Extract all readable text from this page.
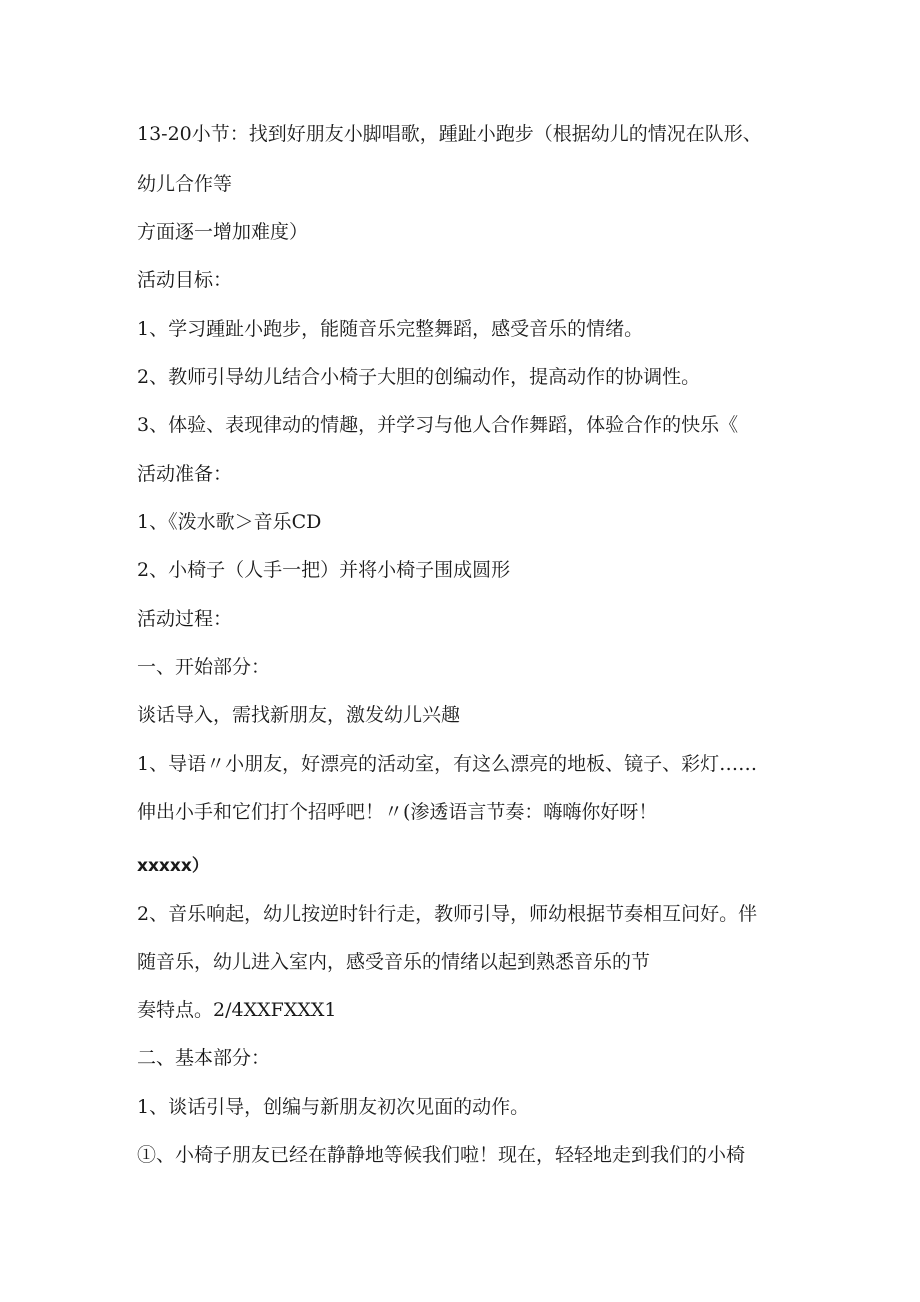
13-20小节：找到好朋友小脚唱歌，踵趾小跑步（根据幼儿的情况在队形、
幼儿合作等
方面逐一增加难度）
活动目标：
1、学习踵趾小跑步，能随音乐完整舞蹈，感受音乐的情绪。
2、教师引导幼儿结合小椅子大胆的创编动作，提高动作的协调性。
3、体验、表现律动的情趣，并学习与他人合作舞蹈，体验合作的快乐《
活动准备：
1、《泼水歌＞音乐CD
2、小椅子（人手一把）并将小椅子围成圆形
活动过程：
一、开始部分：
谈话导入，需找新朋友，激发幼儿兴趣
1、导语〃小朋友，好漂亮的活动室，有这么漂亮的地板、镜子、彩灯……
伸出小手和它们打个招呼吧！〃(渗透语言节奏：嗨嗨你好呀！
xxxxx）
2、音乐响起，幼儿按逆时针行走，教师引导，师幼根据节奏相互问好。伴
随音乐，幼儿进入室内，感受音乐的情绪以起到熟悉音乐的节
奏特点。2/4XXFXXX1
二、基本部分：
1、谈话引导，创编与新朋友初次见面的动作。
①、小椅子朋友已经在静静地等候我们啦！现在，轻轻地走到我们的小椅
